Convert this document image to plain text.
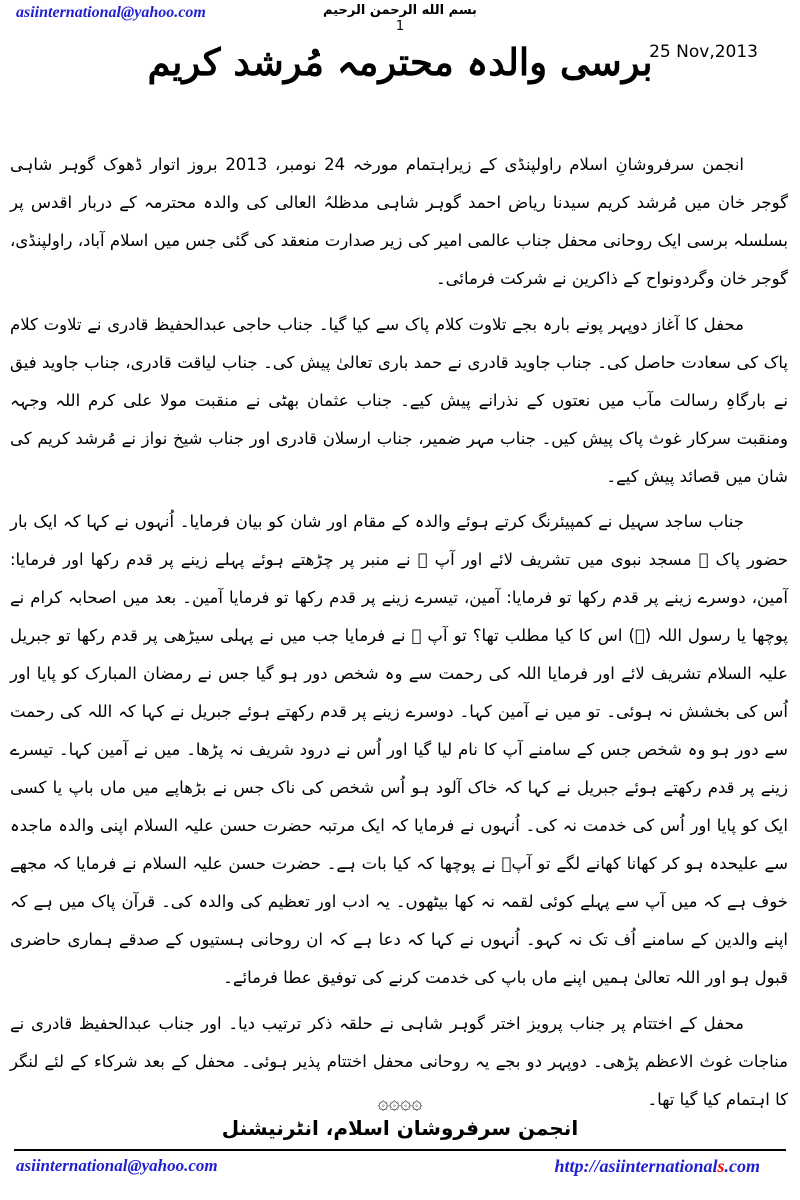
asiinternational@yahoo.com	بسم الله الرحمن الرحيم
1
25 Nov,2013
برسی والدہ محترمہ مُرشد کریم

انجمن سرفروشانِ اسلام راولپنڈی کے زیراہتمام مورخہ 24 نومبر، 2013 بروز اتوار ڈھوک گوہر شاہی گوجر خان میں مُرشد کریم سیدنا ریاض احمد گوہر شاہی مدظلہُ العالی کی والدہ محترمہ کے دربار اقدس پر بسلسلہ برسی ایک روحانی محفل جناب عالمی امیر کی زیر صدارت منعقد کی گئی جس میں اسلام آباد، راولپنڈی، گوجر خان وگردونواح کے ذاکرین نے شرکت فرمائی۔

محفل کا آغاز دوپہر پونے بارہ بجے تلاوت کلام پاک سے کیا گیا۔ جناب حاجی عبدالحفیظ قادری نے تلاوت کلام پاک کی سعادت حاصل کی۔ جناب جاوید قادری نے حمد باری تعالیٰ پیش کی۔ جناب لیاقت قادری، جناب جاوید فیق نے بارگاہِ رسالت مآب میں نعتوں کے نذرانے پیش کیے۔ جناب عثمان بھٹی نے منقبت مولا علی کرم اللہ وجہہ ومنقبت سرکار غوث پاک پیش کیں۔ جناب مہر ضمیر، جناب ارسلان قادری اور جناب شیخ نواز نے مُرشد کریم کی شان میں قصائد پیش کیے۔

جناب ساجد سہیل نے کمپیئرنگ کرتے ہوئے والدہ کے مقام اور شان کو بیان فرمایا۔ اُنہوں نے کہا کہ ایک بار حضور پاک ﷺ مسجد نبوی میں تشریف لائے اور آپ ﷺ نے منبر پر چڑھتے ہوئے پہلے زینے پر قدم رکھا اور فرمایا: آمین، دوسرے زینے پر قدم رکھا تو فرمایا: آمین، تیسرے زینے پر قدم رکھا تو فرمایا آمین۔ بعد میں اصحابہ کرام نے پوچھا یا رسول اللہ (ﷺ) اس کا کیا مطلب تھا؟ تو آپ ﷺ نے فرمایا جب میں نے پہلی سیڑھی پر قدم رکھا تو جبریل علیہ السلام تشریف لائے اور فرمایا اللہ کی رحمت سے وہ شخص دور ہو گیا جس نے رمضان المبارک کو پایا اور اُس کی بخشش نہ ہوئی۔ تو میں نے آمین کہا۔ دوسرے زینے پر قدم رکھتے ہوئے جبریل نے کہا کہ اللہ کی رحمت سے دور ہو وہ شخص جس کے سامنے آپ کا نام لیا گیا اور اُس نے درود شریف نہ پڑھا۔ میں نے آمین کہا۔ تیسرے زینے پر قدم رکھتے ہوئے جبریل نے کہا کہ خاک آلود ہو اُس شخص کی ناک جس نے بڑھاپے میں ماں باپ یا کسی ایک کو پایا اور اُس کی خدمت نہ کی۔ اُنہوں نے فرمایا کہ ایک مرتبہ حضرت حسن علیہ السلام اپنی والدہ ماجدہ سے علیحدہ ہو کر کھانا کھانے لگے تو آپؓ نے پوچھا کہ کیا بات ہے۔ حضرت حسن علیہ السلام نے فرمایا کہ مجھے خوف ہے کہ میں آپ سے پہلے کوئی لقمہ نہ کھا بیٹھوں۔ یہ ادب اور تعظیم کی والدہ کی۔ قرآن پاک میں ہے کہ اپنے والدین کے سامنے اُف تک نہ کہو۔ اُنہوں نے کہا کہ دعا ہے کہ ان روحانی ہستیوں کے صدقے ہماری حاضری قبول ہو اور اللہ تعالیٰ ہمیں اپنے ماں باپ کی خدمت کرنے کی توفیق عطا فرمائے۔

محفل کے اختتام پر جناب پرویز اختر گوہر شاہی نے حلقہ ذکر ترتیب دیا۔ اور جناب عبدالحفیظ قادری نے مناجات غوث الاعظم پڑھی۔ دوپہر دو بجے یہ روحانی محفل اختتام پذیر ہوئی۔ محفل کے بعد شرکاء کے لئے لنگر کا اہتمام کیا گیا تھا۔

۞۞۞۞
انجمن سرفروشان اسلام، انٹرنیشنل
asiinternational@yahoo.com	http://asiinternationals.com
